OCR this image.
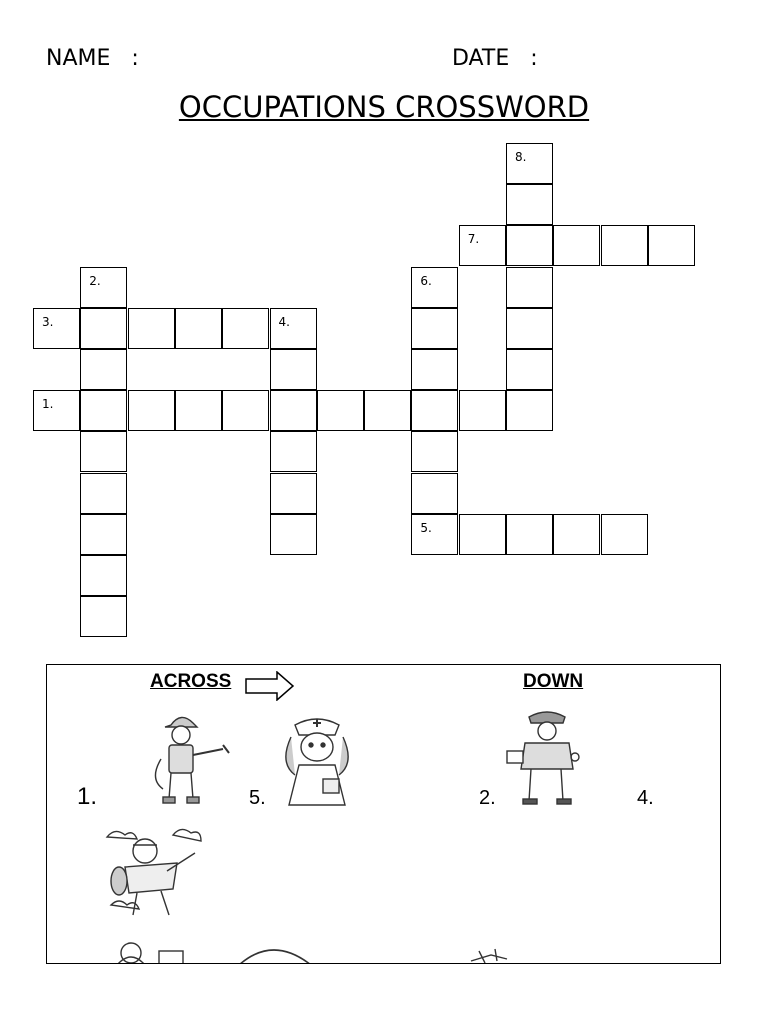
NAME   :	DATE   :
OCCUPATIONS CROSSWORD
8.
7.
2.	6.
3.	4.
1.
5.
ACROSS	DOWN
1.	5.	2.	4.
